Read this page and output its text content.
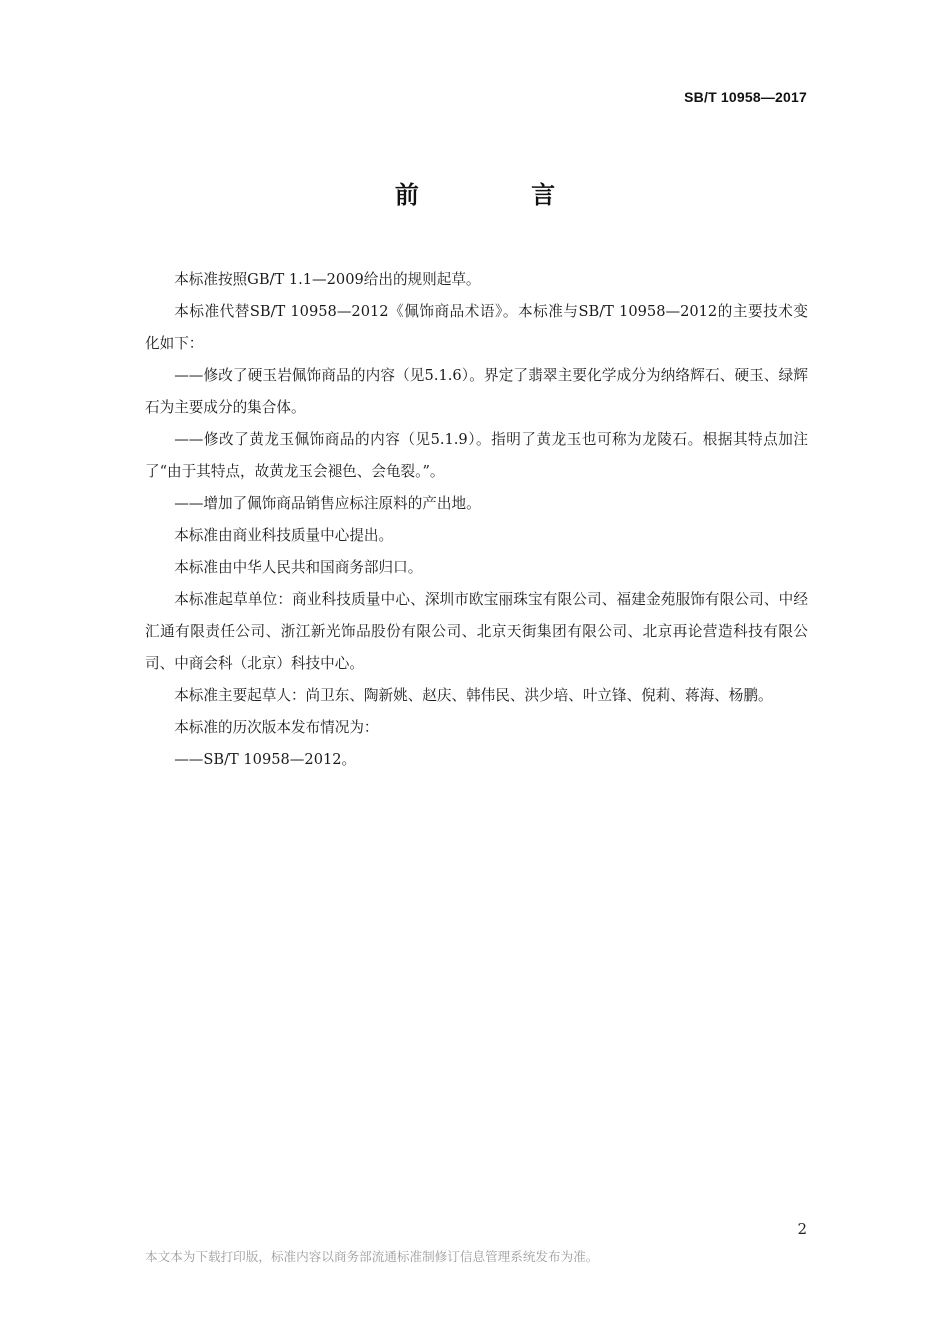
SB/T 10958—2017
前 言

本标准按照GB/T 1.1—2009给出的规则起草。

本标准代替SB/T 10958—2012《佩饰商品术语》。本标准与SB/T 10958—2012的主要技术变化如下：

——修改了硬玉岩佩饰商品的内容（见5.1.6）。界定了翡翠主要化学成分为纳络辉石、硬玉、绿辉石为主要成分的集合体。

——修改了黄龙玉佩饰商品的内容（见5.1.9）。指明了黄龙玉也可称为龙陵石。根据其特点加注了“由于其特点，故黄龙玉会褪色、会龟裂。”。

——增加了佩饰商品销售应标注原料的产出地。

本标准由商业科技质量中心提出。

本标准由中华人民共和国商务部归口。

本标准起草单位：商业科技质量中心、深圳市欧宝丽珠宝有限公司、福建金苑服饰有限公司、中经汇通有限责任公司、浙江新光饰品股份有限公司、北京天街集团有限公司、北京再论营造科技有限公司、中商会科（北京）科技中心。

本标准主要起草人：尚卫东、陶新姚、赵庆、韩伟民、洪少培、叶立锋、倪莉、蒋海、杨鹏。

本标准的历次版本发布情况为：

——SB/T 10958—2012。

2
本文本为下载打印版，标准内容以商务部流通标准制修订信息管理系统发布为准。
